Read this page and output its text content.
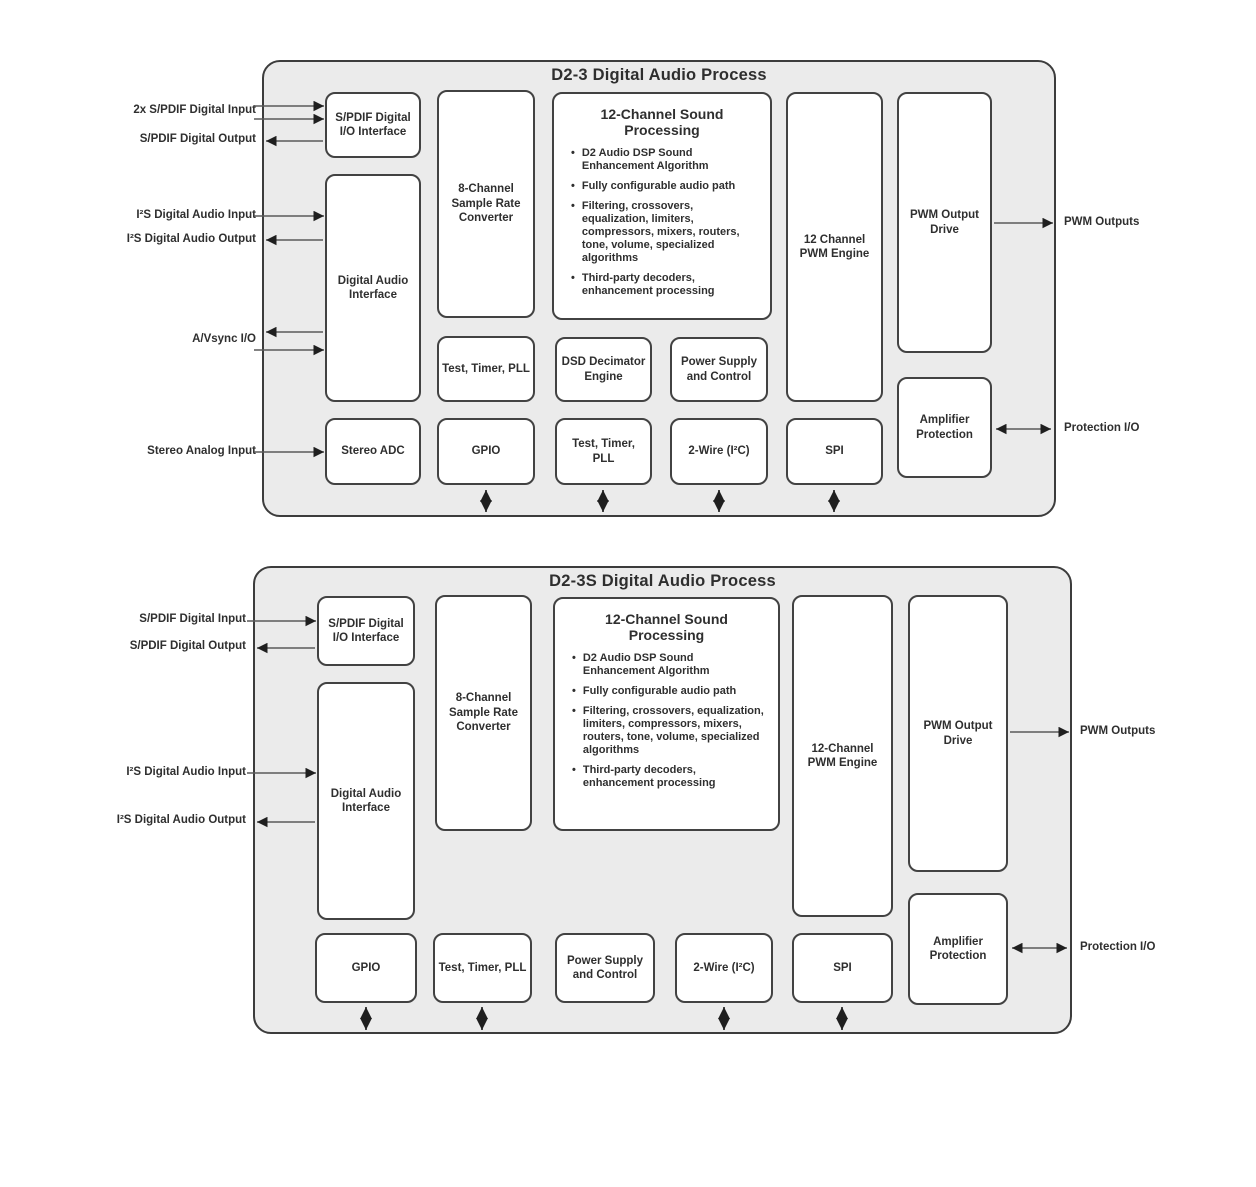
D2-3 Digital Audio Process
S/PDIF Digital I/O Interface
Digital Audio Interface
Stereo ADC
8-Channel Sample Rate Converter
Test, Timer, PLL
GPIO
12-Channel Sound Processing
• D2 Audio DSP Sound Enhancement Algorithm
• Fully configurable audio path
• Filtering, crossovers, equalization, limiters, compressors, mixers, routers, tone, volume, specialized algorithms
• Third-party decoders, enhancement processing
DSD Decimator Engine
Test, Timer, PLL
Power Supply and Control
2-Wire (I²C)
12 Channel PWM Engine
SPI
PWM Output Drive
Amplifier Protection
2x S/PDIF Digital Input
S/PDIF Digital Output
I²S Digital Audio Input
I²S Digital Audio Output
A/Vsync I/O
Stereo Analog Input
PWM Outputs
Protection I/O
D2-3S Digital Audio Process
S/PDIF Digital I/O Interface
Digital Audio Interface
GPIO
8-Channel Sample Rate Converter
Test, Timer, PLL
12-Channel Sound Processing
• D2 Audio DSP Sound Enhancement Algorithm
• Fully configurable audio path
• Filtering, crossovers, equalization, limiters, compressors, mixers, routers, tone, volume, specialized algorithms
• Third-party decoders, enhancement processing
Power Supply and Control
2-Wire (I²C)
12-Channel PWM Engine
SPI
PWM Output Drive
Amplifier Protection
S/PDIF Digital Input
S/PDIF Digital Output
I²S Digital Audio Input
I²S Digital Audio Output
PWM Outputs
Protection I/O
